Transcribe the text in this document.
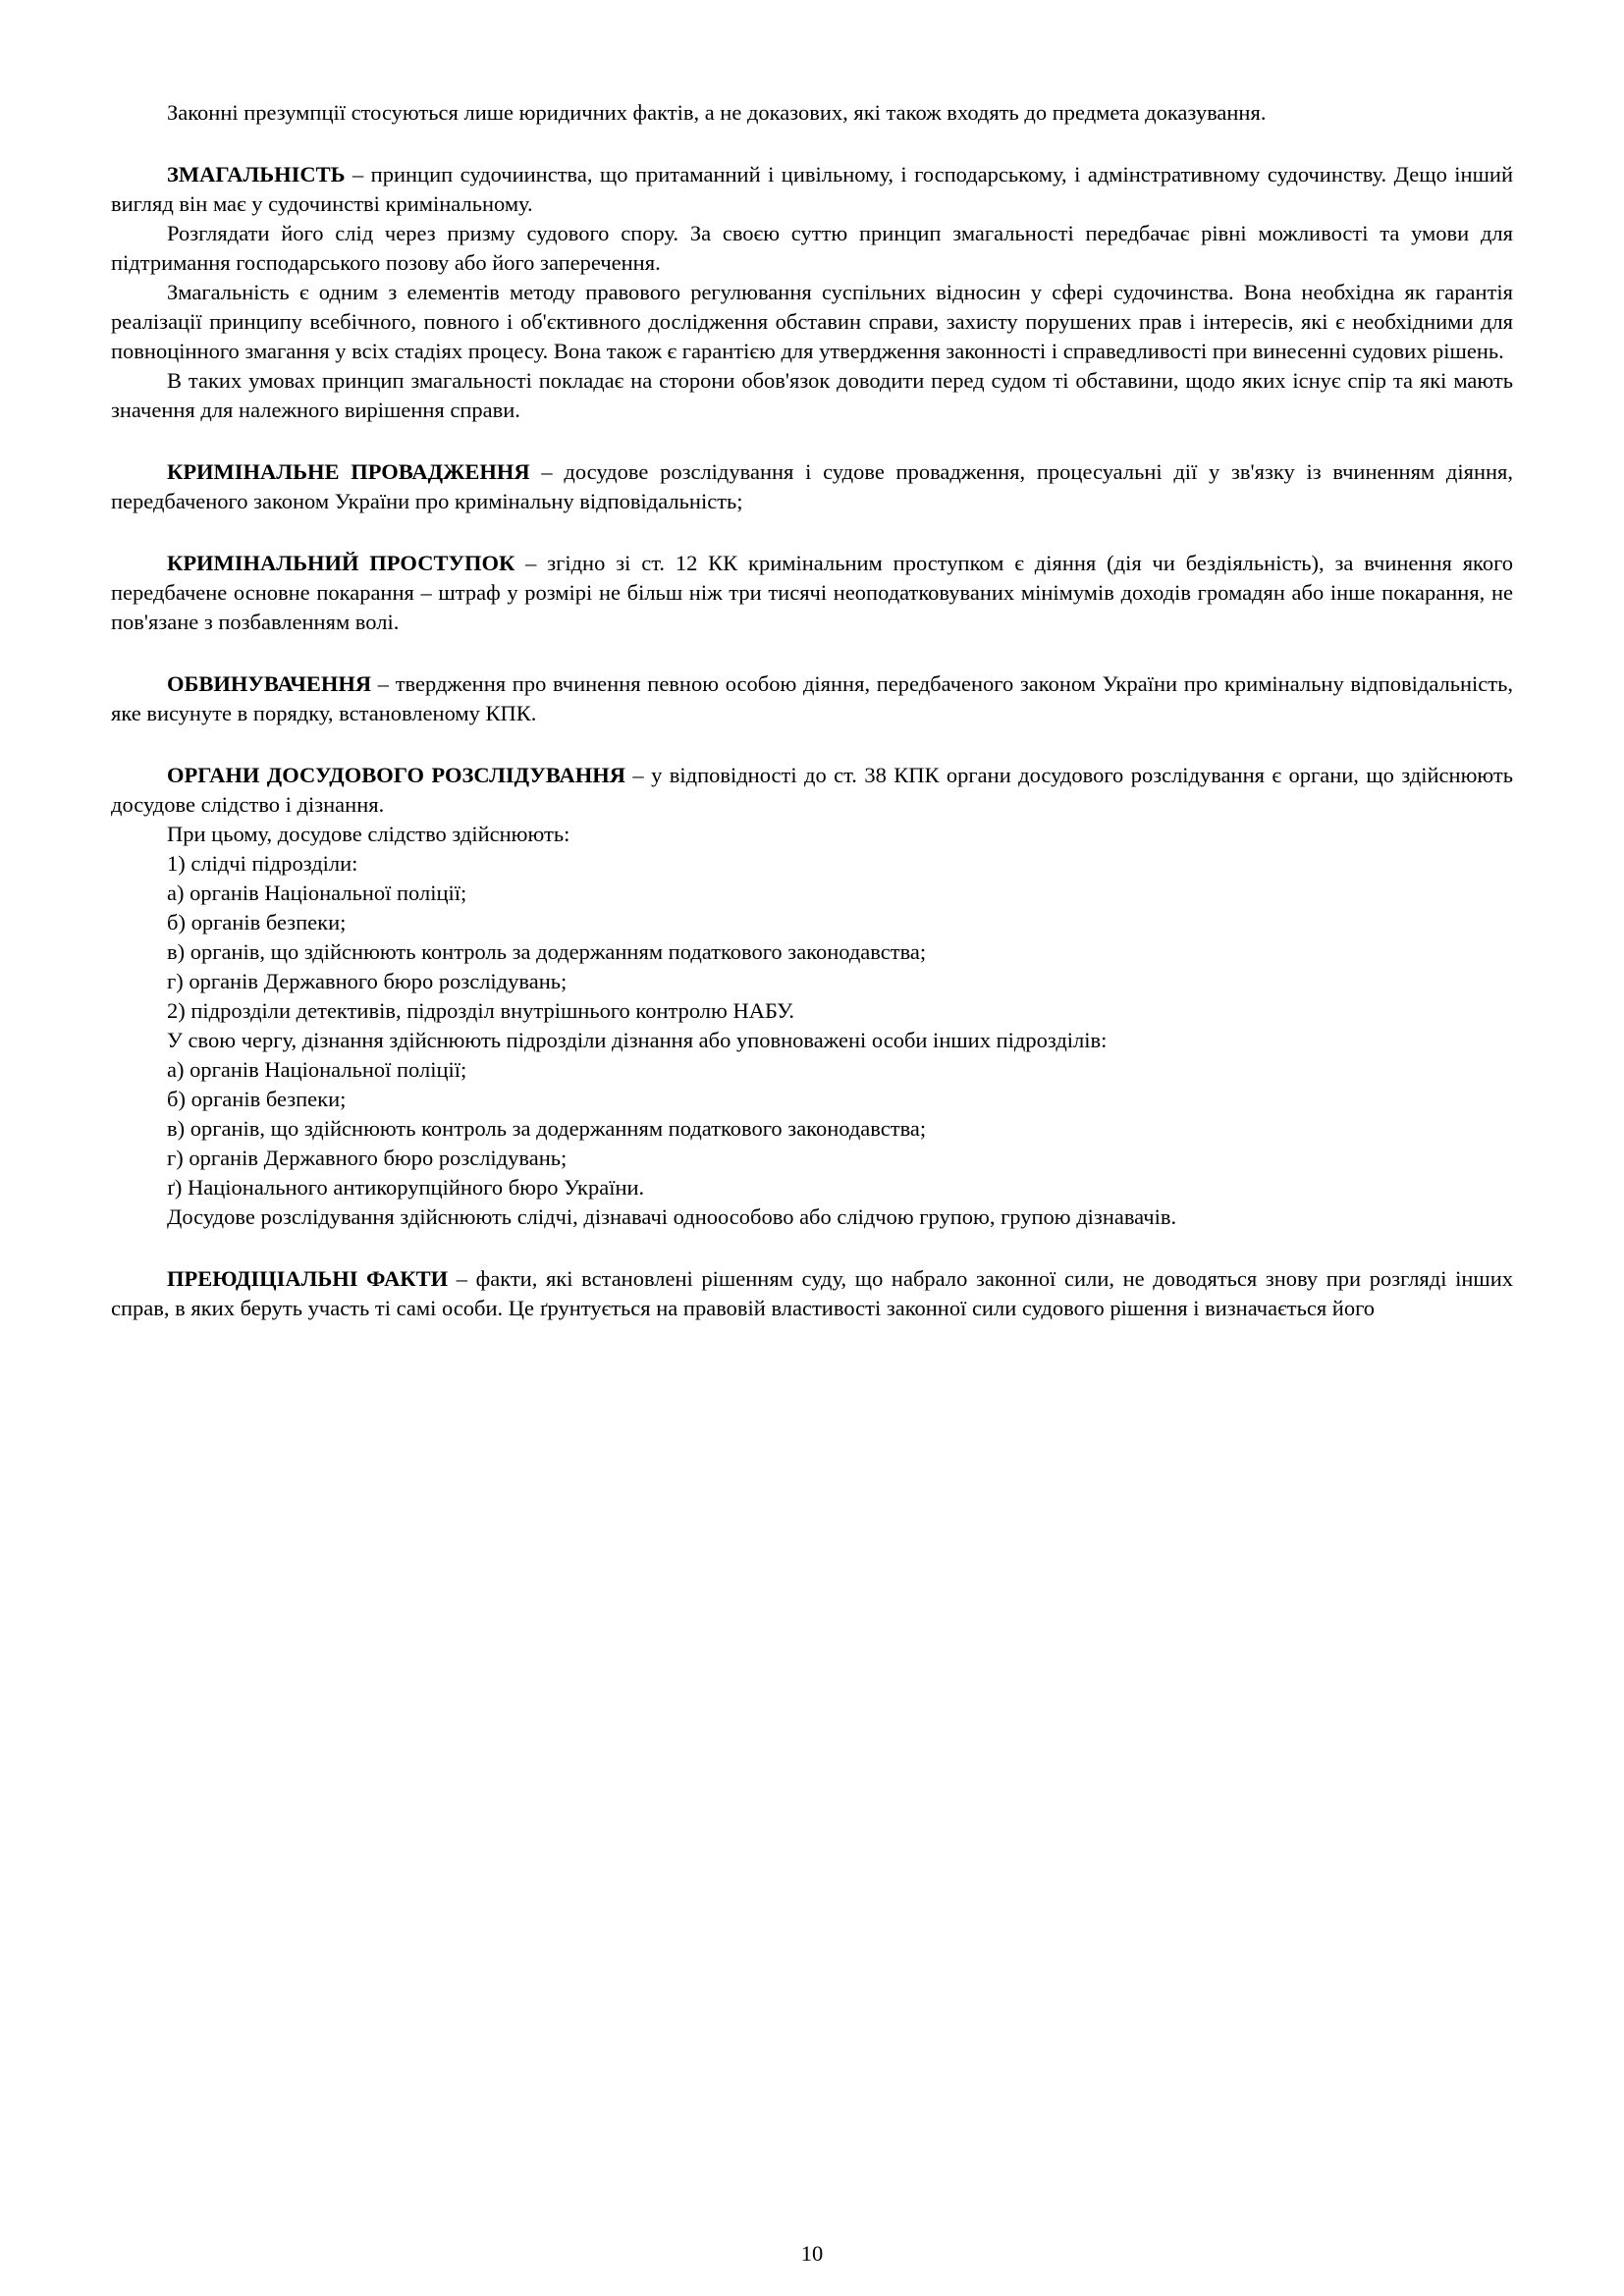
Законні презумпції стосуються лише юридичних фактів, а не доказових, які також входять до предмета доказування.

ЗМАГАЛЬНІСТЬ – принцип судочиинства, що притаманний і цивільному, і господарському, і адмінстративному судочинству. Дещо інший вигляд він має у судочинстві кримінальному.

Розглядати його слід через призму судового спору. За своєю суттю принцип змагальності передбачає рівні можливості та умови для підтримання господарського позову або його заперечення.

Змагальність є одним з елементів методу правового регулювання суспільних відносин у сфері судочинства. Вона необхідна як гарантія реалізації принципу всебічного, повного і об'єктивного дослідження обставин справи, захисту порушених прав і інтересів, які є необхідними для повноцінного змагання у всіх стадіях процесу. Вона також є гарантією для утвердження законності і справедливості при винесенні судових рішень.

В таких умовах принцип змагальності покладає на сторони обов'язок доводити перед судом ті обставини, щодо яких існує спір та які мають значення для належного вирішення справи.

КРИМІНАЛЬНЕ ПРОВАДЖЕННЯ – досудове розслідування і судове провадження, процесуальні дії у зв'язку із вчиненням діяння, передбаченого законом України про кримінальну відповідальність;

КРИМІНАЛЬНИЙ ПРОСТУПОК – згідно зі ст. 12 КК кримінальним проступком є діяння (дія чи бездіяльність), за вчинення якого передбачене основне покарання – штраф у розмірі не більш ніж три тисячі неоподатковуваних мінімумів доходів громадян або інше покарання, не пов'язане з позбавленням волі.

ОБВИНУВАЧЕННЯ – твердження про вчинення певною особою діяння, передбаченого законом України про кримінальну відповідальність, яке висунуте в порядку, встановленому КПК.

ОРГАНИ ДОСУДОВОГО РОЗСЛІДУВАННЯ – у відповідності до ст. 38 КПК органи досудового розслідування є органи, що здійснюють досудове слідство і дізнання.

При цьому, досудове слідство здійснюють:

1) слідчі підрозділи:

а) органів Національної поліції;

б) органів безпеки;

в) органів, що здійснюють контроль за додержанням податкового законодавства;

г) органів Державного бюро розслідувань;

2) підрозділи детективів, підрозділ внутрішнього контролю НАБУ.

У свою чергу, дізнання здійснюють підрозділи дізнання або уповноважені особи інших підрозділів:

а) органів Національної поліції;

б) органів безпеки;

в) органів, що здійснюють контроль за додержанням податкового законодавства;

г) органів Державного бюро розслідувань;

ґ) Національного антикорупційного бюро України.

Досудове розслідування здійснюють слідчі, дізнавачі одноособово або слідчою групою, групою дізнавачів.

ПРЕЮДІЦІАЛЬНІ ФАКТИ – факти, які встановлені рішенням суду, що набрало законної сили, не доводяться знову при розгляді інших справ, в яких беруть участь ті самі особи. Це ґрунтується на правовій властивості законної сили судового рішення і визначається його

10
